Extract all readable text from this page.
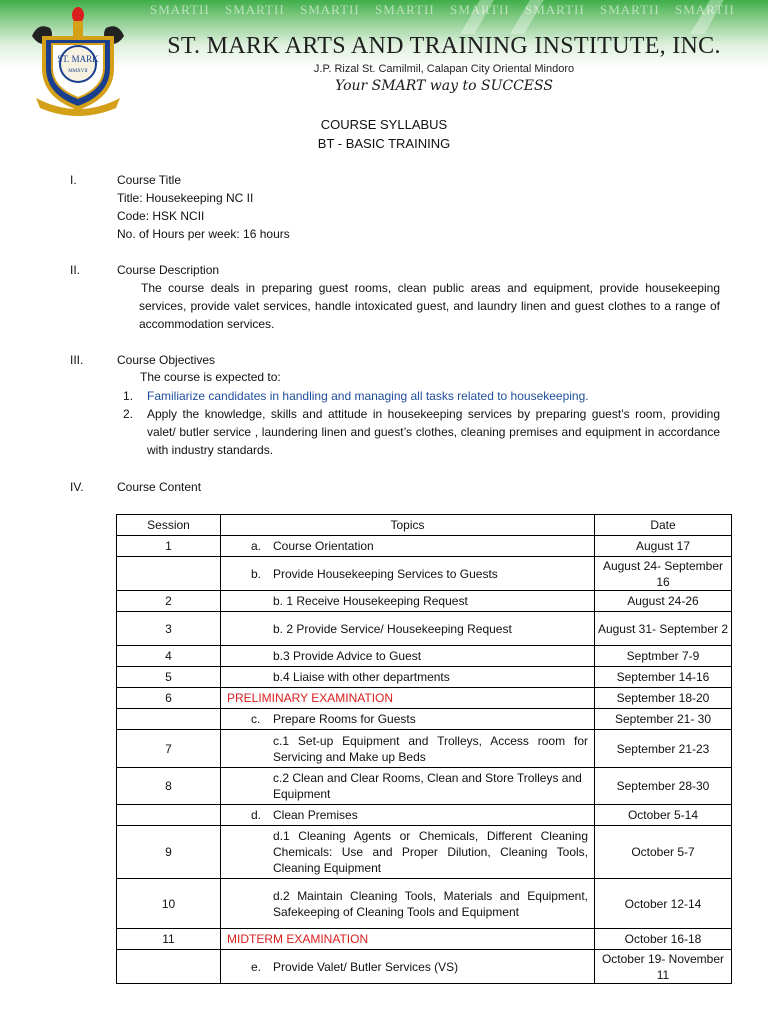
SMARTII SMARTII SMARTII SMARTII SMARTII SMARTII SMARTII SMARTII
ST. MARK ARTS AND TRAINING INSTITUTE, INC.
J.P. Rizal St. Camilmil, Calapan City Oriental Mindoro
Your SMART way to SUCCESS
ST. MARK
MMXVII
COURSE SYLLABUS
BT - BASIC TRAINING
I.	Course Title
Title: Housekeeping NC II
Code: HSK NCII
No. of Hours per week: 16 hours
II.	Course Description
The course deals in preparing guest rooms, clean public areas and equipment, provide housekeeping services, provide valet services, handle intoxicated guest, and laundry linen and guest clothes to a range of accommodation services.
III.	Course Objectives
The course is expected to:
1. Familiarize candidates in handling and managing all tasks related to housekeeping.
2. Apply the knowledge, skills and attitude in housekeeping services by preparing guest’s room, providing valet/ butler service , laundering linen and guest’s clothes, cleaning premises and equipment in accordance with industry standards.
IV.	Course Content
Session	Topics	Date
1	a. Course Orientation	August 17

	b. Provide Housekeeping Services to Guests	August 24- September 16
2	b. 1 Receive Housekeeping Request	August 24-26
3	b. 2 Provide Service/ Housekeeping Request	August 31- September 2
4	b.3 Provide Advice to Guest	Septmber 7-9
5	b.4 Liaise with other departments	September 14-16
6	PRELIMINARY EXAMINATION	September 18-20

	c. Prepare Rooms for Guests	September 21- 30
7	c.1 Set-up Equipment and Trolleys, Access room for Servicing and Make up Beds	September 21-23
8	c.2 Clean and Clear Rooms, Clean and Store Trolleys and Equipment	September 28-30

	d. Clean Premises	October 5-14
9	d.1 Cleaning Agents or Chemicals, Different Cleaning Chemicals: Use and Proper Dilution, Cleaning Tools, Cleaning Equipment	October 5-7
10	d.2 Maintain Cleaning Tools, Materials and Equipment, Safekeeping of Cleaning Tools and Equipment	October 12-14
11	MIDTERM EXAMINATION	October 16-18

	e. Provide Valet/ Butler Services (VS)	October 19- November 11
